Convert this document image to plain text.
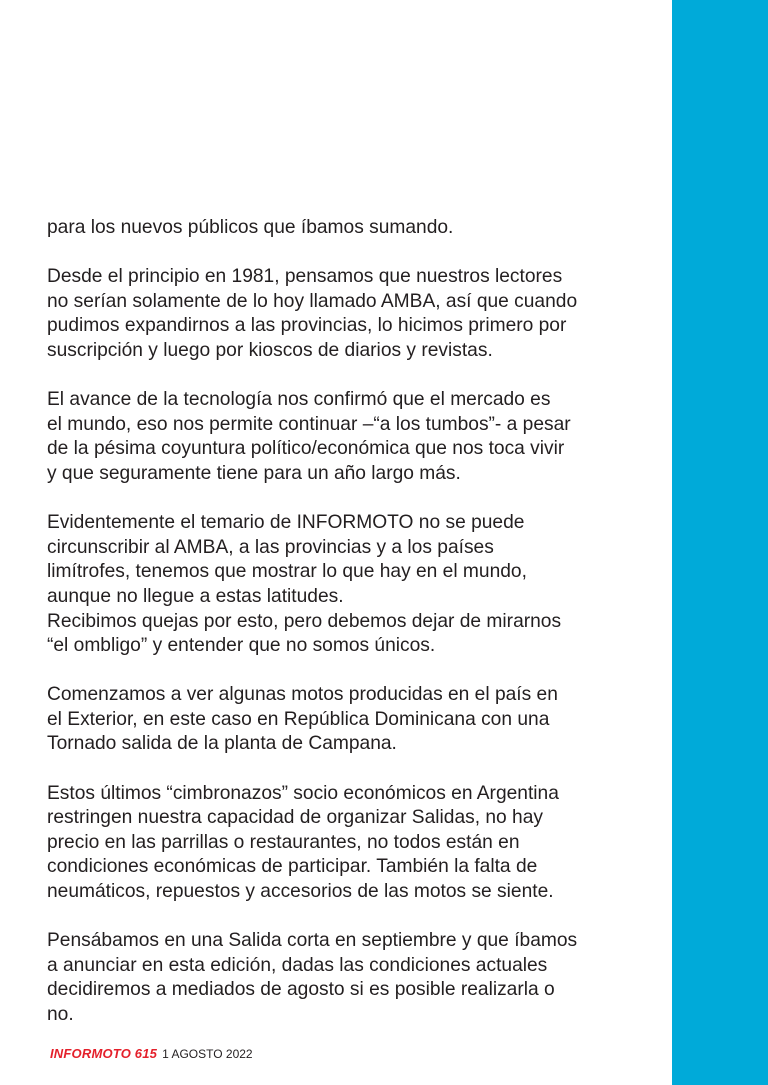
para los nuevos públicos que íbamos sumando.

Desde el principio en 1981, pensamos que nuestros lectores
no serían solamente de lo hoy llamado AMBA, así que cuando
pudimos expandirnos a las provincias, lo hicimos primero por
suscripción y luego por kioscos de diarios y revistas.

El avance de la tecnología nos confirmó que el mercado es
el mundo, eso nos permite continuar –“a los tumbos”- a pesar
de la pésima coyuntura político/económica que nos toca vivir
y que seguramente tiene para un año largo más.

Evidentemente el temario de INFORMOTO no se puede
circunscribir al AMBA, a las provincias y a los países
limítrofes, tenemos que mostrar lo que hay en el mundo,
aunque no llegue a estas latitudes.

Recibimos quejas por esto, pero debemos dejar de mirarnos
“el ombligo” y entender que no somos únicos.

Comenzamos a ver algunas motos producidas en el país en
el Exterior, en este caso en República Dominicana con una
Tornado salida de la planta de Campana.

Estos últimos “cimbronazos” socio económicos en Argentina
restringen nuestra capacidad de organizar Salidas, no hay
precio en las parrillas o restaurantes, no todos están en
condiciones económicas de participar. También la falta de
neumáticos, repuestos y accesorios de las motos se siente.

Pensábamos en una Salida corta en septiembre y que íbamos
a anunciar en esta edición, dadas las condiciones actuales
decidiremos a mediados de agosto si es posible realizarla o
no.

INFORMOTO 615 1 AGOSTO 2022
